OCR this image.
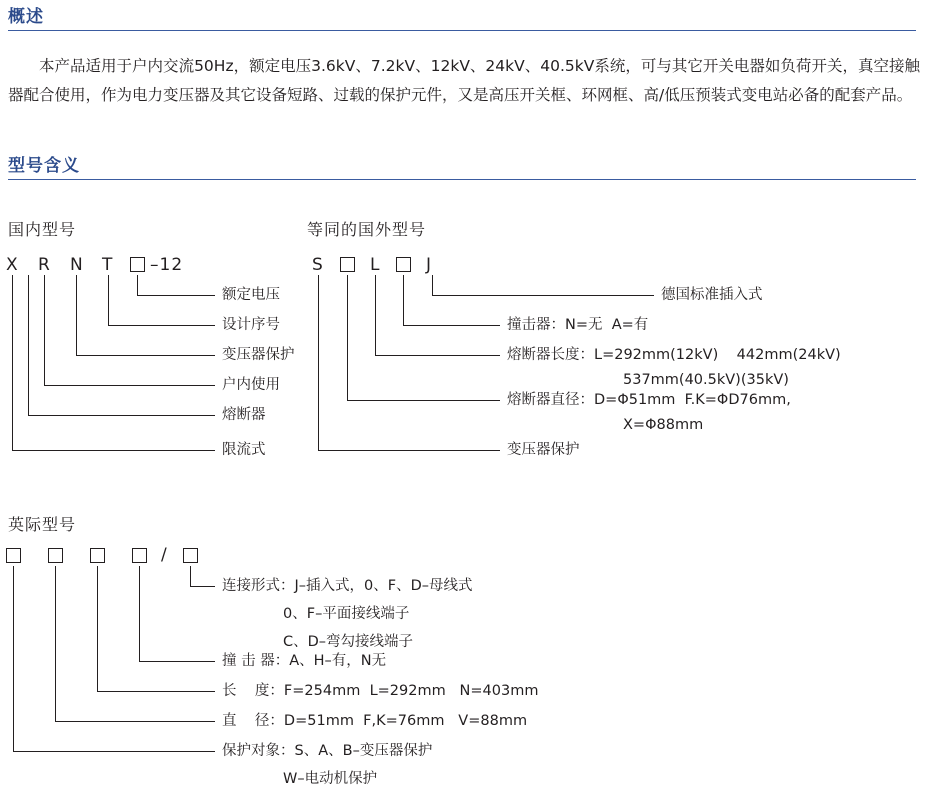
概述
本产品适用于户内交流50Hz，额定电压3.6kV、7.2kV、12kV、24kV、40.5kV系统，可与其它开关电器如负荷开关，真空接触器配合使用，作为电力变压器及其它设备短路、过载的保护元件，又是高压开关框、环网框、高/低压预装式变电站必备的配套产品。
型号含义
国内型号
X R N T –12
额定电压
设计序号
变压器保护
户内使用
熔断器
限流式
等同的国外型号
S	L	J
德国标准插入式
撞击器：N=无  A=有
熔断器长度：L=292mm(12kV)    442mm(24kV)
537mm(40.5kV)(35kV)
熔断器直径：D=Φ51mm  F.K=ΦD76mm,
X=Φ88mm
变压器保护
英际型号
/
连接形式：J–插入式，0、F、D–母线式
0、F–平面接线端子
C、D–弯勾接线端子
撞 击 器：A、H–有，N无
长    度：F=254mm  L=292mm   N=403mm
直    径：D=51mm  F,K=76mm   V=88mm
保护对象：S、A、B–变压器保护
W–电动机保护
